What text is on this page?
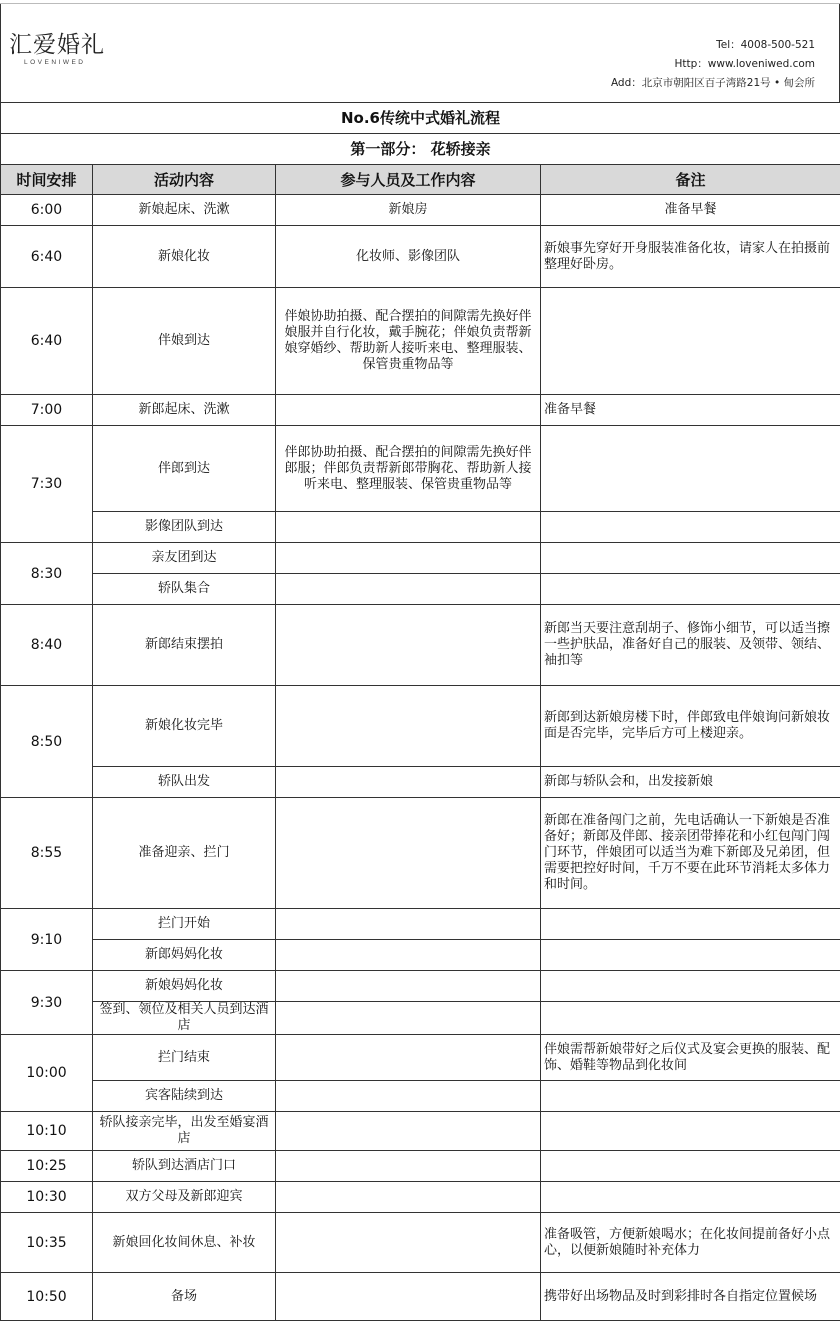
汇爱婚礼
LOVENIWED
Tel：4008-500-521
Http：www.loveniwed.com
Add：北京市朝阳区百子湾路21号 • 甸会所
No.6传统中式婚礼流程			
第一部分： 花轿接亲			
时间安排	活动内容	参与人员及工作内容	备注
6:00	新娘起床、洗漱	新娘房	准备早餐
6:40	新娘化妆	化妆师、影像团队	新娘事先穿好开身服装准备化妆，请家人在拍摄前整理好卧房。
6:40	伴娘到达	伴娘协助拍摄、配合摆拍的间隙需先换好伴娘服并自行化妆，戴手腕花；伴娘负责帮新娘穿婚纱、帮助新人接听来电、整理服装、保管贵重物品等	
7:00	新郎起床、洗漱		准备早餐
7:30	伴郎到达	伴郎协助拍摄、配合摆拍的间隙需先换好伴郎服；伴郎负责帮新郎带胸花、帮助新人接听来电、整理服装、保管贵重物品等	
	影像团队到达		
8:30	亲友团到达		
	轿队集合		
8:40	新郎结束摆拍		新郎当天要注意刮胡子、修饰小细节，可以适当擦一些护肤品，准备好自己的服装、及领带、领结、袖扣等
8:50	新娘化妆完毕		新郎到达新娘房楼下时，伴郎致电伴娘询问新娘妆面是否完毕，完毕后方可上楼迎亲。
	轿队出发		新郎与轿队会和，出发接新娘
8:55	准备迎亲、拦门		新郎在准备闯门之前，先电话确认一下新娘是否准备好；新郎及伴郎、接亲团带捧花和小红包闯门闯门环节，伴娘团可以适当为难下新郎及兄弟团，但需要把控好时间，千万不要在此环节消耗太多体力和时间。
9:10	拦门开始		
	新郎妈妈化妆		
9:30	新娘妈妈化妆		
	签到、领位及相关人员到达酒店		
10:00	拦门结束		伴娘需帮新娘带好之后仪式及宴会更换的服装、配饰、婚鞋等物品到化妆间
	宾客陆续到达		
10:10	轿队接亲完毕，出发至婚宴酒店		
10:25	轿队到达酒店门口		
10:30	双方父母及新郎迎宾		
10:35	新娘回化妆间休息、补妆		准备吸管，方便新娘喝水；在化妆间提前备好小点心，以便新娘随时补充体力
10:50	备场		携带好出场物品及时到彩排时各自指定位置候场
